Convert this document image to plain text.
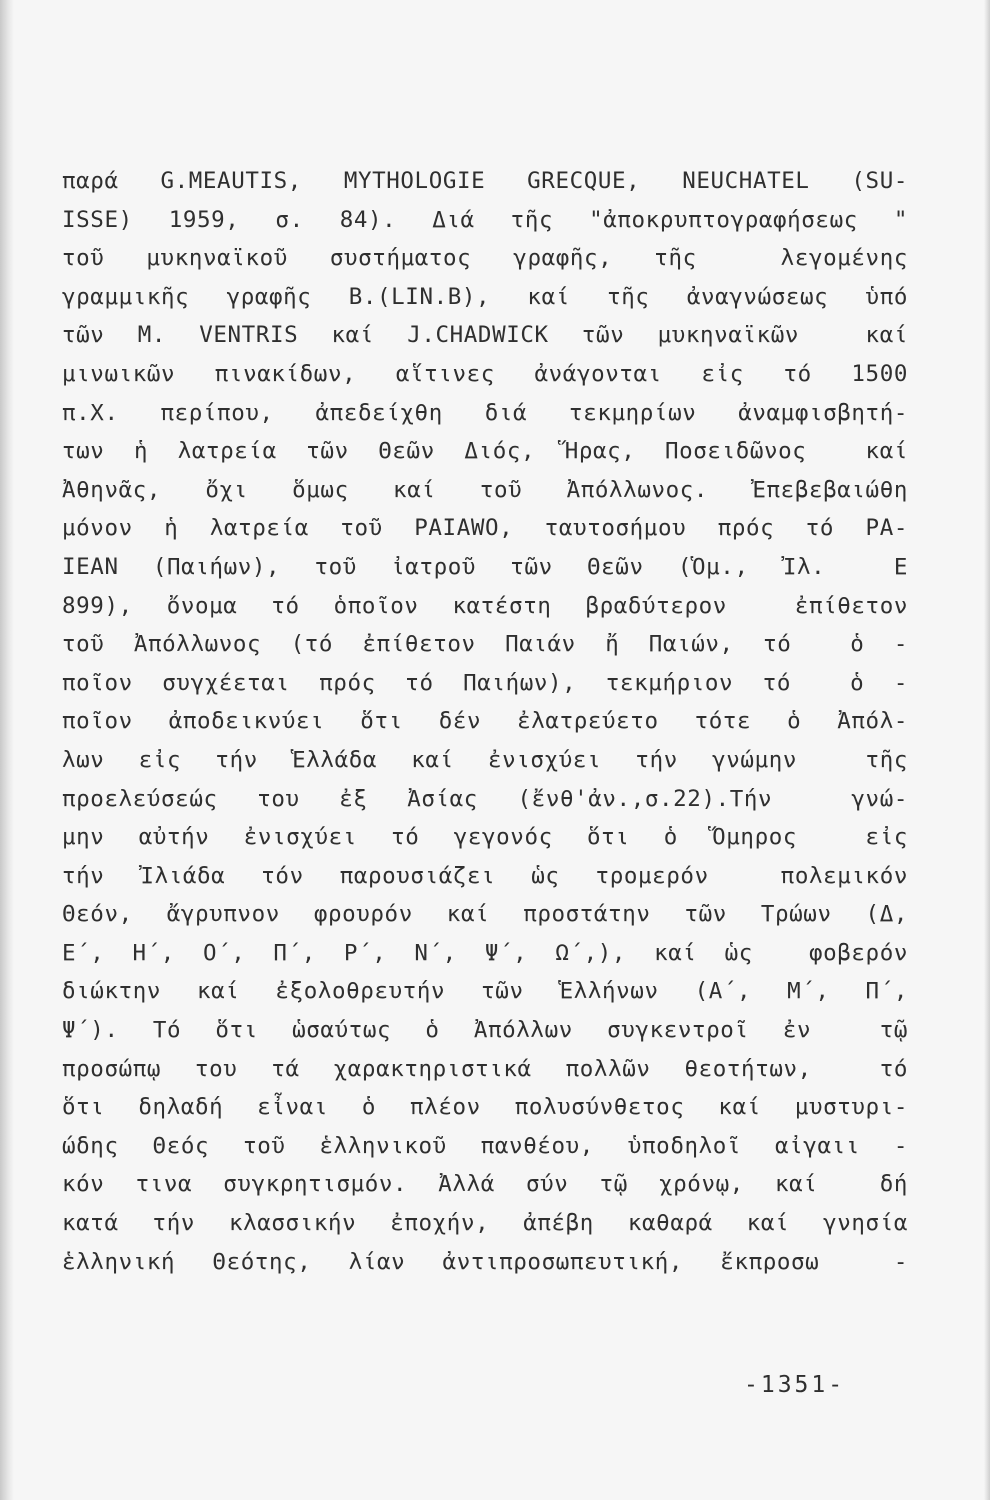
παρά G.MEAUTIS, MYTHOLOGIE GRECQUE, NEUCHATEL (SU-
ISSE) 1959, σ. 84). Διά τῆς "ἀποκρυπτογραφήσεως "
τοῦ μυκηναϊκοῦ συστήματος γραφῆς, τῆς  λεγομένης
γραμμικῆς γραφῆς B.(LIN.B), καί τῆς ἀναγνώσεως ὑπό
τῶν M. VENTRIS καί J.CHADWICK τῶν μυκηναϊκῶν  καί
μινωικῶν πινακίδων, αἵτινες ἀνάγονται εἰς τό 1500
π.Χ. περίπου, ἀπεδείχθη διά τεκμηρίων ἀναμφισβητή-
των ἡ λατρεία τῶν Θεῶν Διός, Ἥρας, Ποσειδῶνος  καί
Ἀθηνᾶς, ὄχι ὅμως καί τοῦ Ἀπόλλωνος. Ἐπεβεβαιώθη
μόνον ἡ λατρεία τοῦ PAIAWO, ταυτοσήμου πρός τό PA-
IEAN (Παιήων), τοῦ ἰατροῦ τῶν Θεῶν (Ὁμ., Ἰλ.  Ε
899), ὄνομα τό ὁποῖον κατέστη βραδύτερον  ἐπίθετον
τοῦ Ἀπόλλωνος (τό ἐπίθετον Παιάν ἤ Παιών, τό  ὁ -
ποῖον συγχέεται πρός τό Παιήων), τεκμήριον τό  ὁ -
ποῖον ἀποδεικνύει ὅτι δέν ἐλατρεύετο τότε ὁ Ἀπόλ-
λων εἰς τήν Ἑλλάδα καί ἐνισχύει τήν γνώμην  τῆς
προελεύσεώς του ἐξ Ἀσίας (ἔνθ'ἀν.,σ.22).Τήν  γνώ-
μην αὐτήν ἐνισχύει τό γεγονός ὅτι ὁ Ὅμηρος  εἰς
τήν Ἰλιάδα τόν παρουσιάζει ὡς τρομερόν  πολεμικόν
Θεόν, ἄγρυπνον φρουρόν καί προστάτην τῶν Τρώων (Δ,
Ε΄, Η΄, Ο΄, Π΄, Ρ΄, Ν΄, Ψ΄, Ω΄,), καί ὡς  φοβερόν
διώκτην καί ἐξολοθρευτήν τῶν Ἑλλήνων (Α΄, Μ΄, Π΄,
Ψ΄). Τό ὅτι ὡσαύτως ὁ Ἀπόλλων συγκεντροῖ ἐν  τῷ
προσώπῳ του τά χαρακτηριστικά πολλῶν θεοτήτων,  τό
ὅτι δηλαδή εἶναι ὁ πλέον πολυσύνθετος καί μυστυρι-
ώδης Θεός τοῦ ἑλληνικοῦ πανθέου, ὑποδηλοῖ αἰγαιι -
κόν τινα συγκρητισμόν. Ἀλλά σύν τῷ χρόνῳ, καί  δή
κατά τήν κλασσικήν ἐποχήν, ἀπέβη καθαρά καί γνησία
ἑλληνική Θεότης, λίαν ἀντιπροσωπευτική, ἔκπροσω  -
-1351-
